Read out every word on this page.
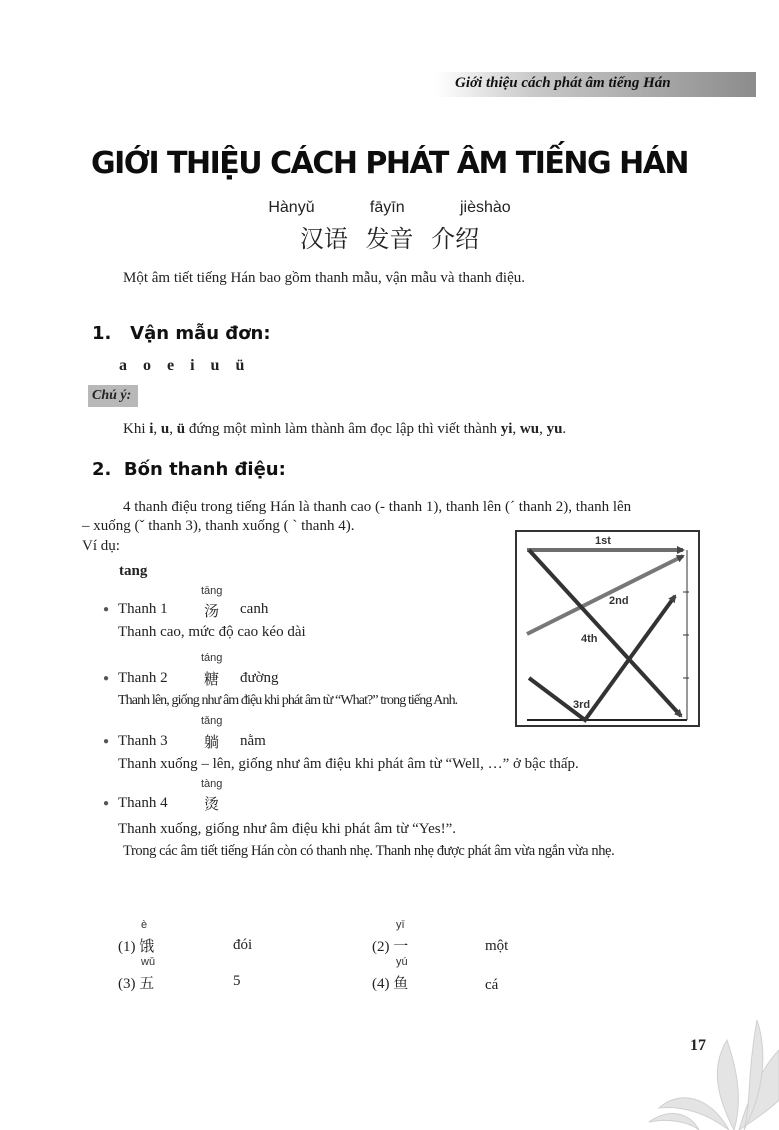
Giới thiệu cách phát âm tiếng Hán
GIỚI THIỆU CÁCH PHÁT ÂM TIẾNG HÁN
Hànyǔ   fāyīn   jièshào
汉语 发音 介绍
Một âm tiết tiếng Hán bao gồm thanh mẫu, vận mẫu và thanh điệu.
1.   Vận mẫu đơn:
a    o    e    i    u    ü
Chú ý:
Khi i, u, ü đứng một mình làm thành âm đọc lập thì viết thành yi, wu, yu.
2.  Bốn thanh điệu:
4 thanh điệu trong tiếng Hán là thanh cao (- thanh 1), thanh lên (ˊ thanh 2), thanh lên
– xuống (ˇ thanh 3), thanh xuống ( ˋ thanh 4).
Ví dụ:
tang
tāng
● Thanh 1 汤 canh
Thanh cao, mức độ cao kéo dài
táng
● Thanh 2 糖 đường
Thanh lên, giống như âm điệu khi phát âm từ “What?” trong tiếng Anh.
tǎng
● Thanh 3 躺 nằm
Thanh xuống – lên, giống như âm điệu khi phát âm từ “Well, …” ở bậc thấp.
tàng
● Thanh 4 烫
Thanh xuống, giống như âm điệu khi phát âm từ “Yes!”.
Trong các âm tiết tiếng Hán còn có thanh nhẹ. Thanh nhẹ được phát âm vừa ngắn vừa nhẹ.
1st
2nd
4th
3rd
è
(1) 饿	đói
yī
(2) 一	một
wǔ
(3) 五	5
yú
(4) 鱼	cá
17
